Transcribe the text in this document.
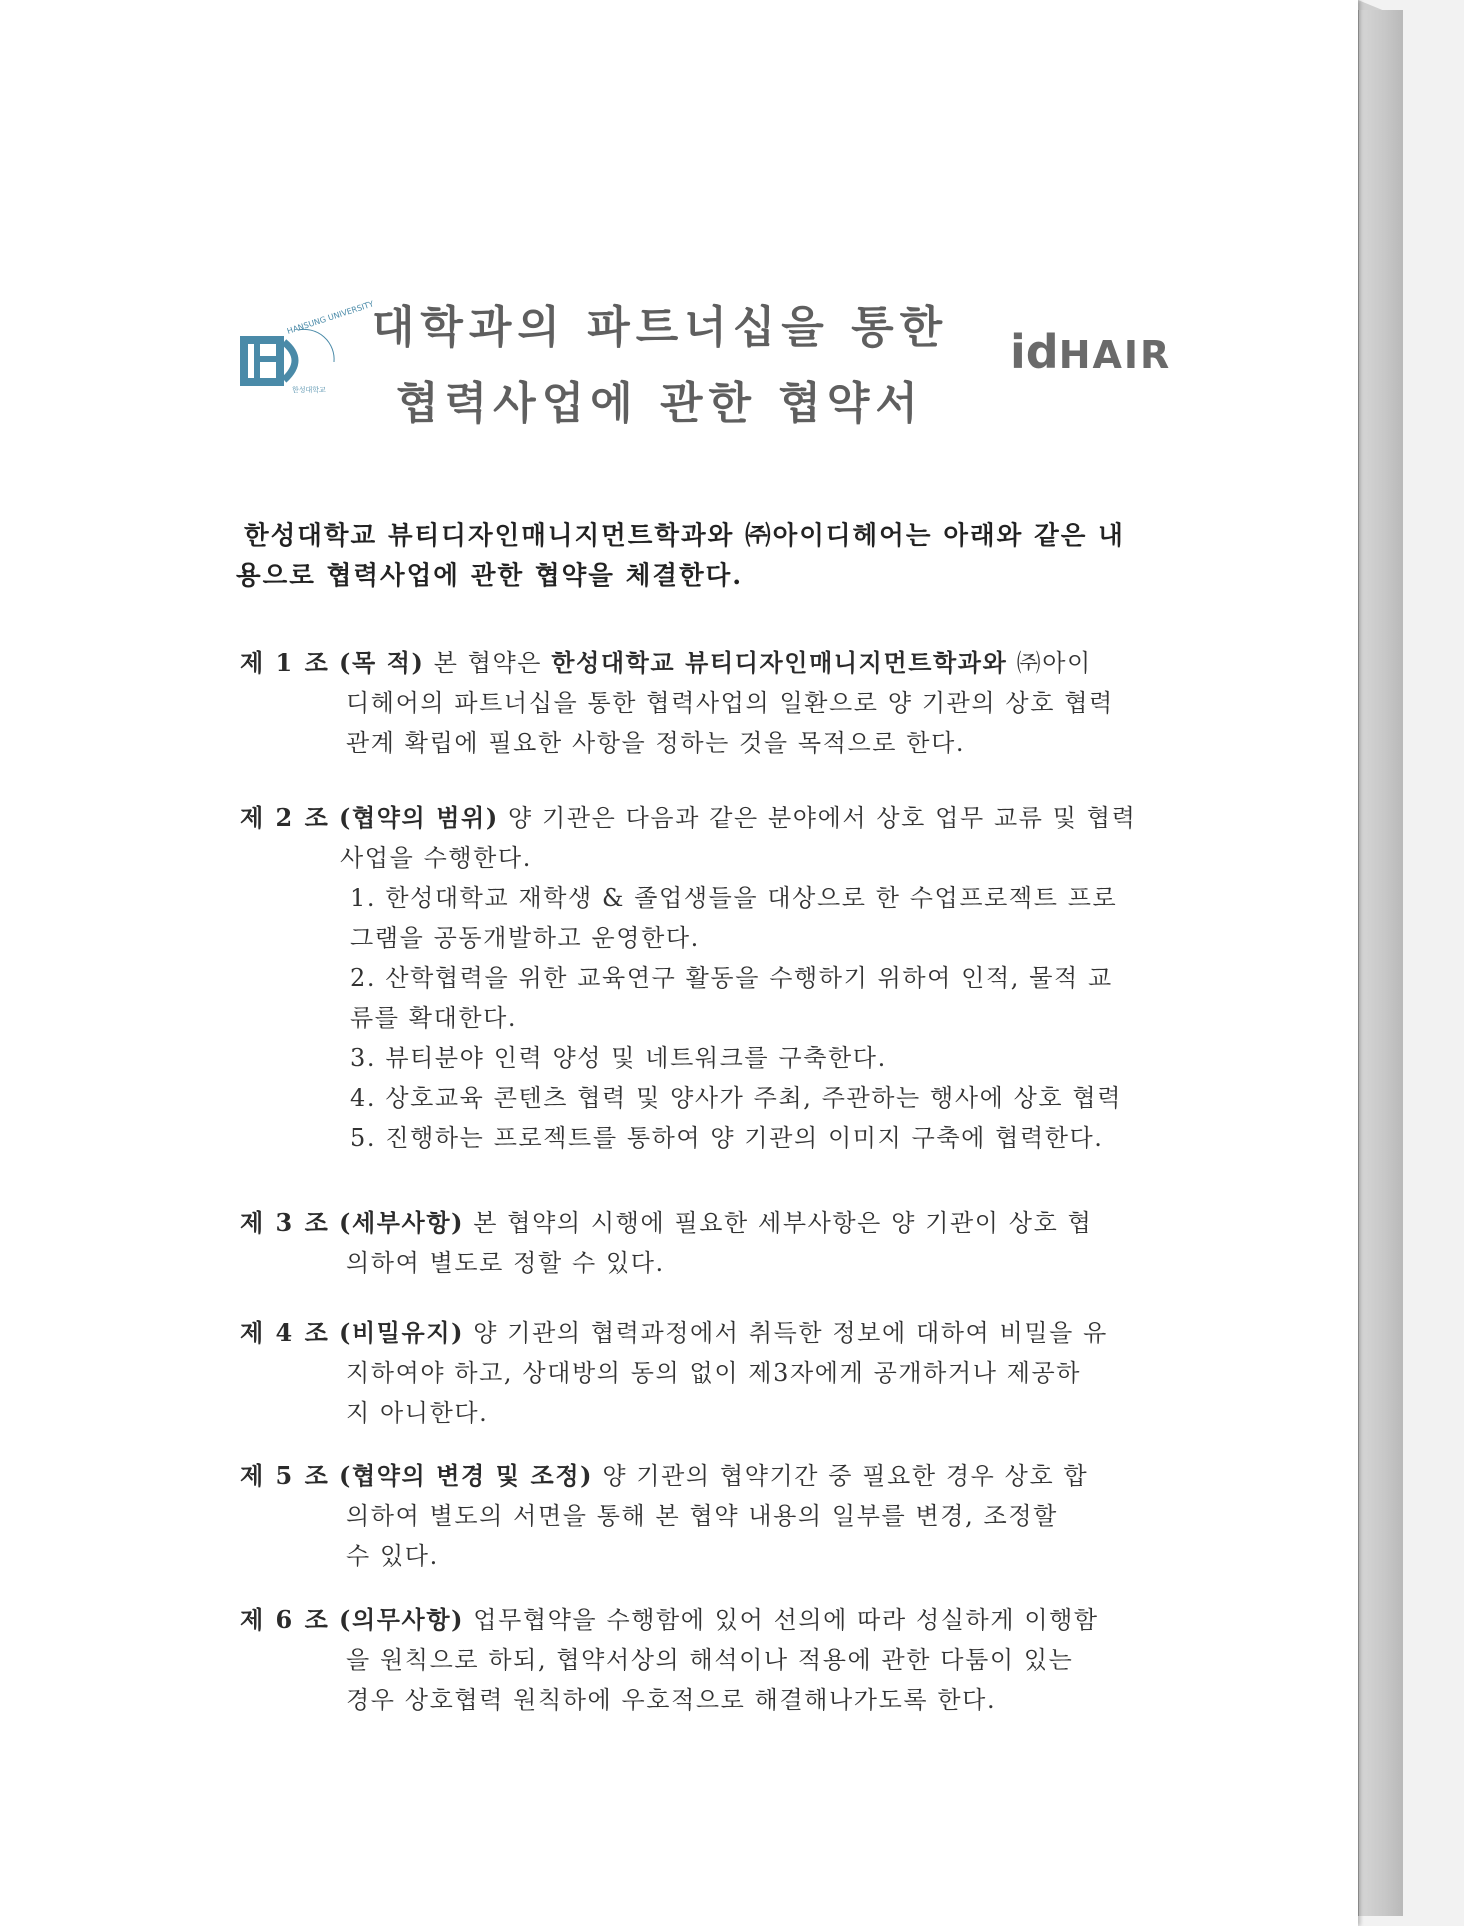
HANSUNG UNIVERSITY
한성대학교
대학과의 파트너십을 통한
협력사업에 관한 협약서
idHAIR
한성대학교 뷰티디자인매니지먼트학과와 ㈜아이디헤어는 아래와 같은 내
용으로 협력사업에 관한 협약을 체결한다.
제 1 조 (목 적) 본 협약은 한성대학교 뷰티디자인매니지먼트학과와 ㈜아이
디헤어의 파트너십을 통한 협력사업의 일환으로 양 기관의 상호 협력
관계 확립에 필요한 사항을 정하는 것을 목적으로 한다.
제 2 조 (협약의 범위) 양 기관은 다음과 같은 분야에서 상호 업무 교류 및 협력
사업을 수행한다.
1. 한성대학교 재학생 & 졸업생들을 대상으로 한 수업프로젝트 프로
그램을 공동개발하고 운영한다.
2. 산학협력을 위한 교육연구 활동을 수행하기 위하여 인적, 물적 교
류를 확대한다.
3. 뷰티분야 인력 양성 및 네트워크를 구축한다.
4. 상호교육 콘텐츠 협력 및 양사가 주최, 주관하는 행사에 상호 협력
5. 진행하는 프로젝트를 통하여 양 기관의 이미지 구축에 협력한다.
제 3 조 (세부사항) 본 협약의 시행에 필요한 세부사항은 양 기관이 상호 협
의하여 별도로 정할 수 있다.
제 4 조 (비밀유지) 양 기관의 협력과정에서 취득한 정보에 대하여 비밀을 유
지하여야 하고, 상대방의 동의 없이 제3자에게 공개하거나 제공하
지 아니한다.
제 5 조 (협약의 변경 및 조정) 양 기관의 협약기간 중 필요한 경우 상호 합
의하여 별도의 서면을 통해 본 협약 내용의 일부를 변경, 조정할
수 있다.
제 6 조 (의무사항) 업무협약을 수행함에 있어 선의에 따라 성실하게 이행함
을 원칙으로 하되, 협약서상의 해석이나 적용에 관한 다툼이 있는
경우 상호협력 원칙하에 우호적으로 해결해나가도록 한다.
